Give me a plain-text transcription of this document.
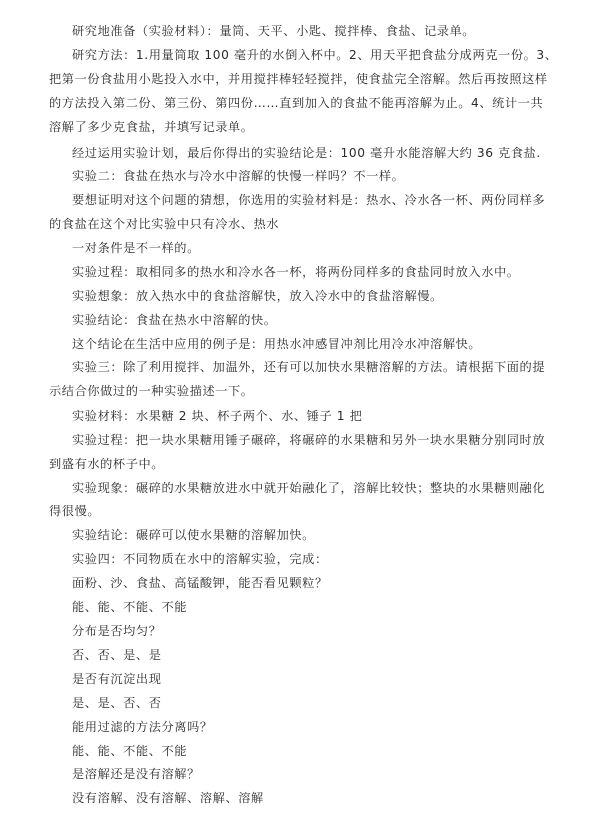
研究地准备（实验材料）：量筒、天平、小匙、搅拌棒、食盐、记录单。

研究方法：1.用量筒取 100 毫升的水倒入杯中。2、用天平把食盐分成两克一份。3、

把第一份食盐用小匙投入水中，并用搅拌棒轻轻搅拌，使食盐完全溶解。然后再按照这样

的方法投入第二份、第三份、第四份……直到加入的食盐不能再溶解为止。4、统计一共

溶解了多少克食盐，并填写记录单。

经过运用实验计划，最后你得出的实验结论是：100 毫升水能溶解大约 36 克食盐.

实验二：食盐在热水与冷水中溶解的快慢一样吗？不一样。

要想证明对这个问题的猜想，你选用的实验材料是：热水、冷水各一杯、两份同样多

的食盐在这个对比实验中只有冷水、热水

一对条件是不一样的。

实验过程：取相同多的热水和冷水各一杯，将两份同样多的食盐同时放入水中。

实验想象：放入热水中的食盐溶解快，放入冷水中的食盐溶解慢。

实验结论：食盐在热水中溶解的快。

这个结论在生活中应用的例子是：用热水冲感冒冲剂比用冷水冲溶解快。

实验三：除了利用搅拌、加温外，还有可以加快水果糖溶解的方法。请根据下面的提

示结合你做过的一种实验描述一下。

实验材料：水果糖 2 块、杯子两个、水、锤子 1 把

实验过程：把一块水果糖用锤子碾碎，将碾碎的水果糖和另外一块水果糖分别同时放

到盛有水的杯子中。

实验现象：碾碎的水果糖放进水中就开始融化了，溶解比较快；整块的水果糖则融化

得很慢。

实验结论：碾碎可以使水果糖的溶解加快。

实验四：不同物质在水中的溶解实验，完成：

面粉、沙、食盐、高锰酸钾，能否看见颗粒？

能、能、不能、不能

分布是否均匀？

否、否、是、是

是否有沉淀出现

是、是、否、否

能用过滤的方法分离吗？

能、能、不能、不能

是溶解还是没有溶解？

没有溶解、没有溶解、溶解、溶解
